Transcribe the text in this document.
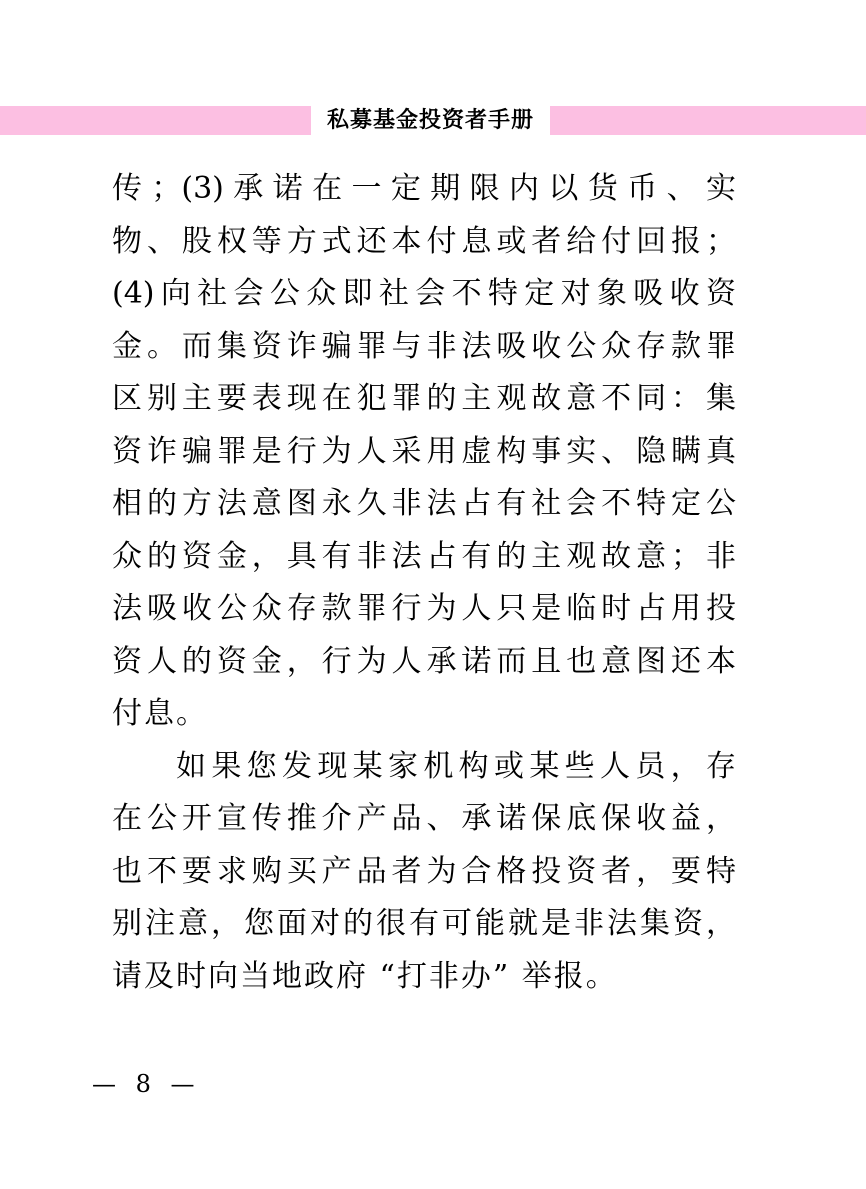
私募基金投资者手册
传；(3)承诺在一定期限内以货币、实
物、股权等方式还本付息或者给付回报；
(4)向社会公众即社会不特定对象吸收资
金。而集资诈骗罪与非法吸收公众存款罪
区别主要表现在犯罪的主观故意不同：集
资诈骗罪是行为人采用虚构事实、隐瞒真
相的方法意图永久非法占有社会不特定公
众的资金，具有非法占有的主观故意；非
法吸收公众存款罪行为人只是临时占用投
资人的资金，行为人承诺而且也意图还本
付息。
如果您发现某家机构或某些人员，存
在公开宣传推介产品、承诺保底保收益，
也不要求购买产品者为合格投资者，要特
别注意，您面对的很有可能就是非法集资，
请及时向当地政府 “打非办” 举报。
— 8 —
